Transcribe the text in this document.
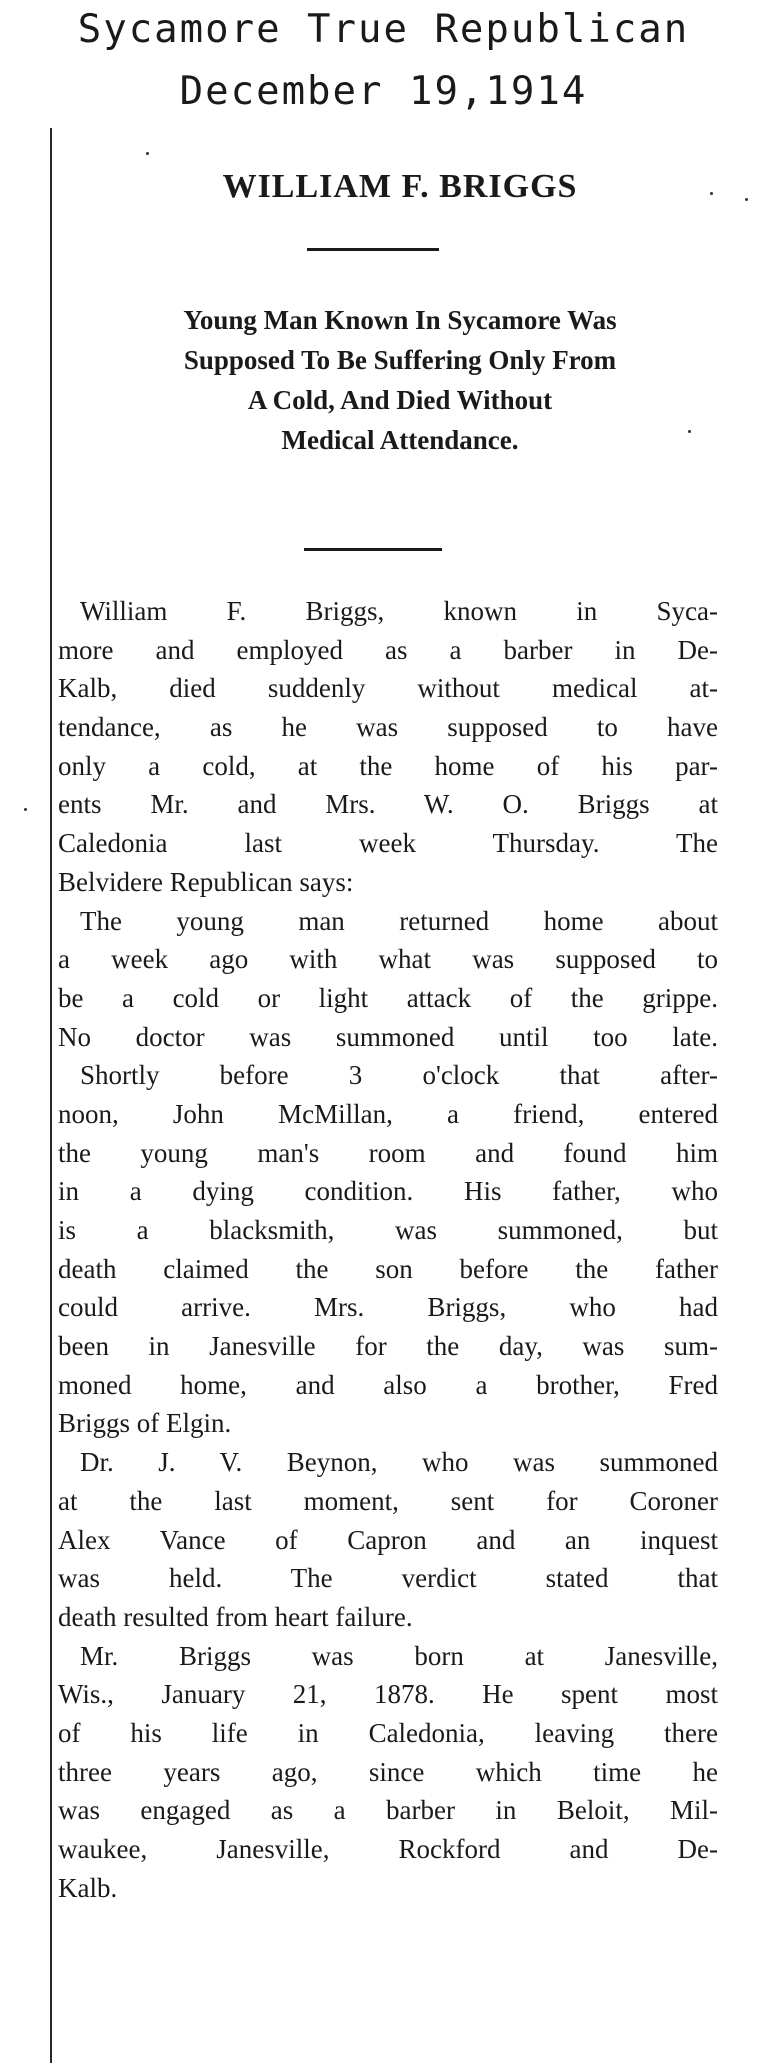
Sycamore True Republican
December 19,1914
WILLIAM F. BRIGGS
Young Man Known In Sycamore Was
Supposed To Be Suffering Only From
A Cold, And Died Without
Medical Attendance.
William F. Briggs, known in Syca-
more and employed as a barber in De-
Kalb, died suddenly without medical at-
tendance, as he was supposed to have
only a cold, at the home of his par-
ents Mr. and Mrs. W. O. Briggs at
Caledonia last week Thursday. The
Belvidere Republican says:
The young man returned home about
a week ago with what was supposed to
be a cold or light attack of the grippe.
No doctor was summoned until too late.
Shortly before 3 o'clock that after-
noon, John McMillan, a friend, entered
the young man's room and found him
in a dying condition. His father, who
is a blacksmith, was summoned, but
death claimed the son before the father
could arrive. Mrs. Briggs, who had
been in Janesville for the day, was sum-
moned home, and also a brother, Fred
Briggs of Elgin.
Dr. J. V. Beynon, who was summoned
at the last moment, sent for Coroner
Alex Vance of Capron and an inquest
was held. The verdict stated that
death resulted from heart failure.
Mr. Briggs was born at Janesville,
Wis., January 21, 1878. He spent most
of his life in Caledonia, leaving there
three years ago, since which time he
was engaged as a barber in Beloit, Mil-
waukee, Janesville, Rockford and De-
Kalb.
